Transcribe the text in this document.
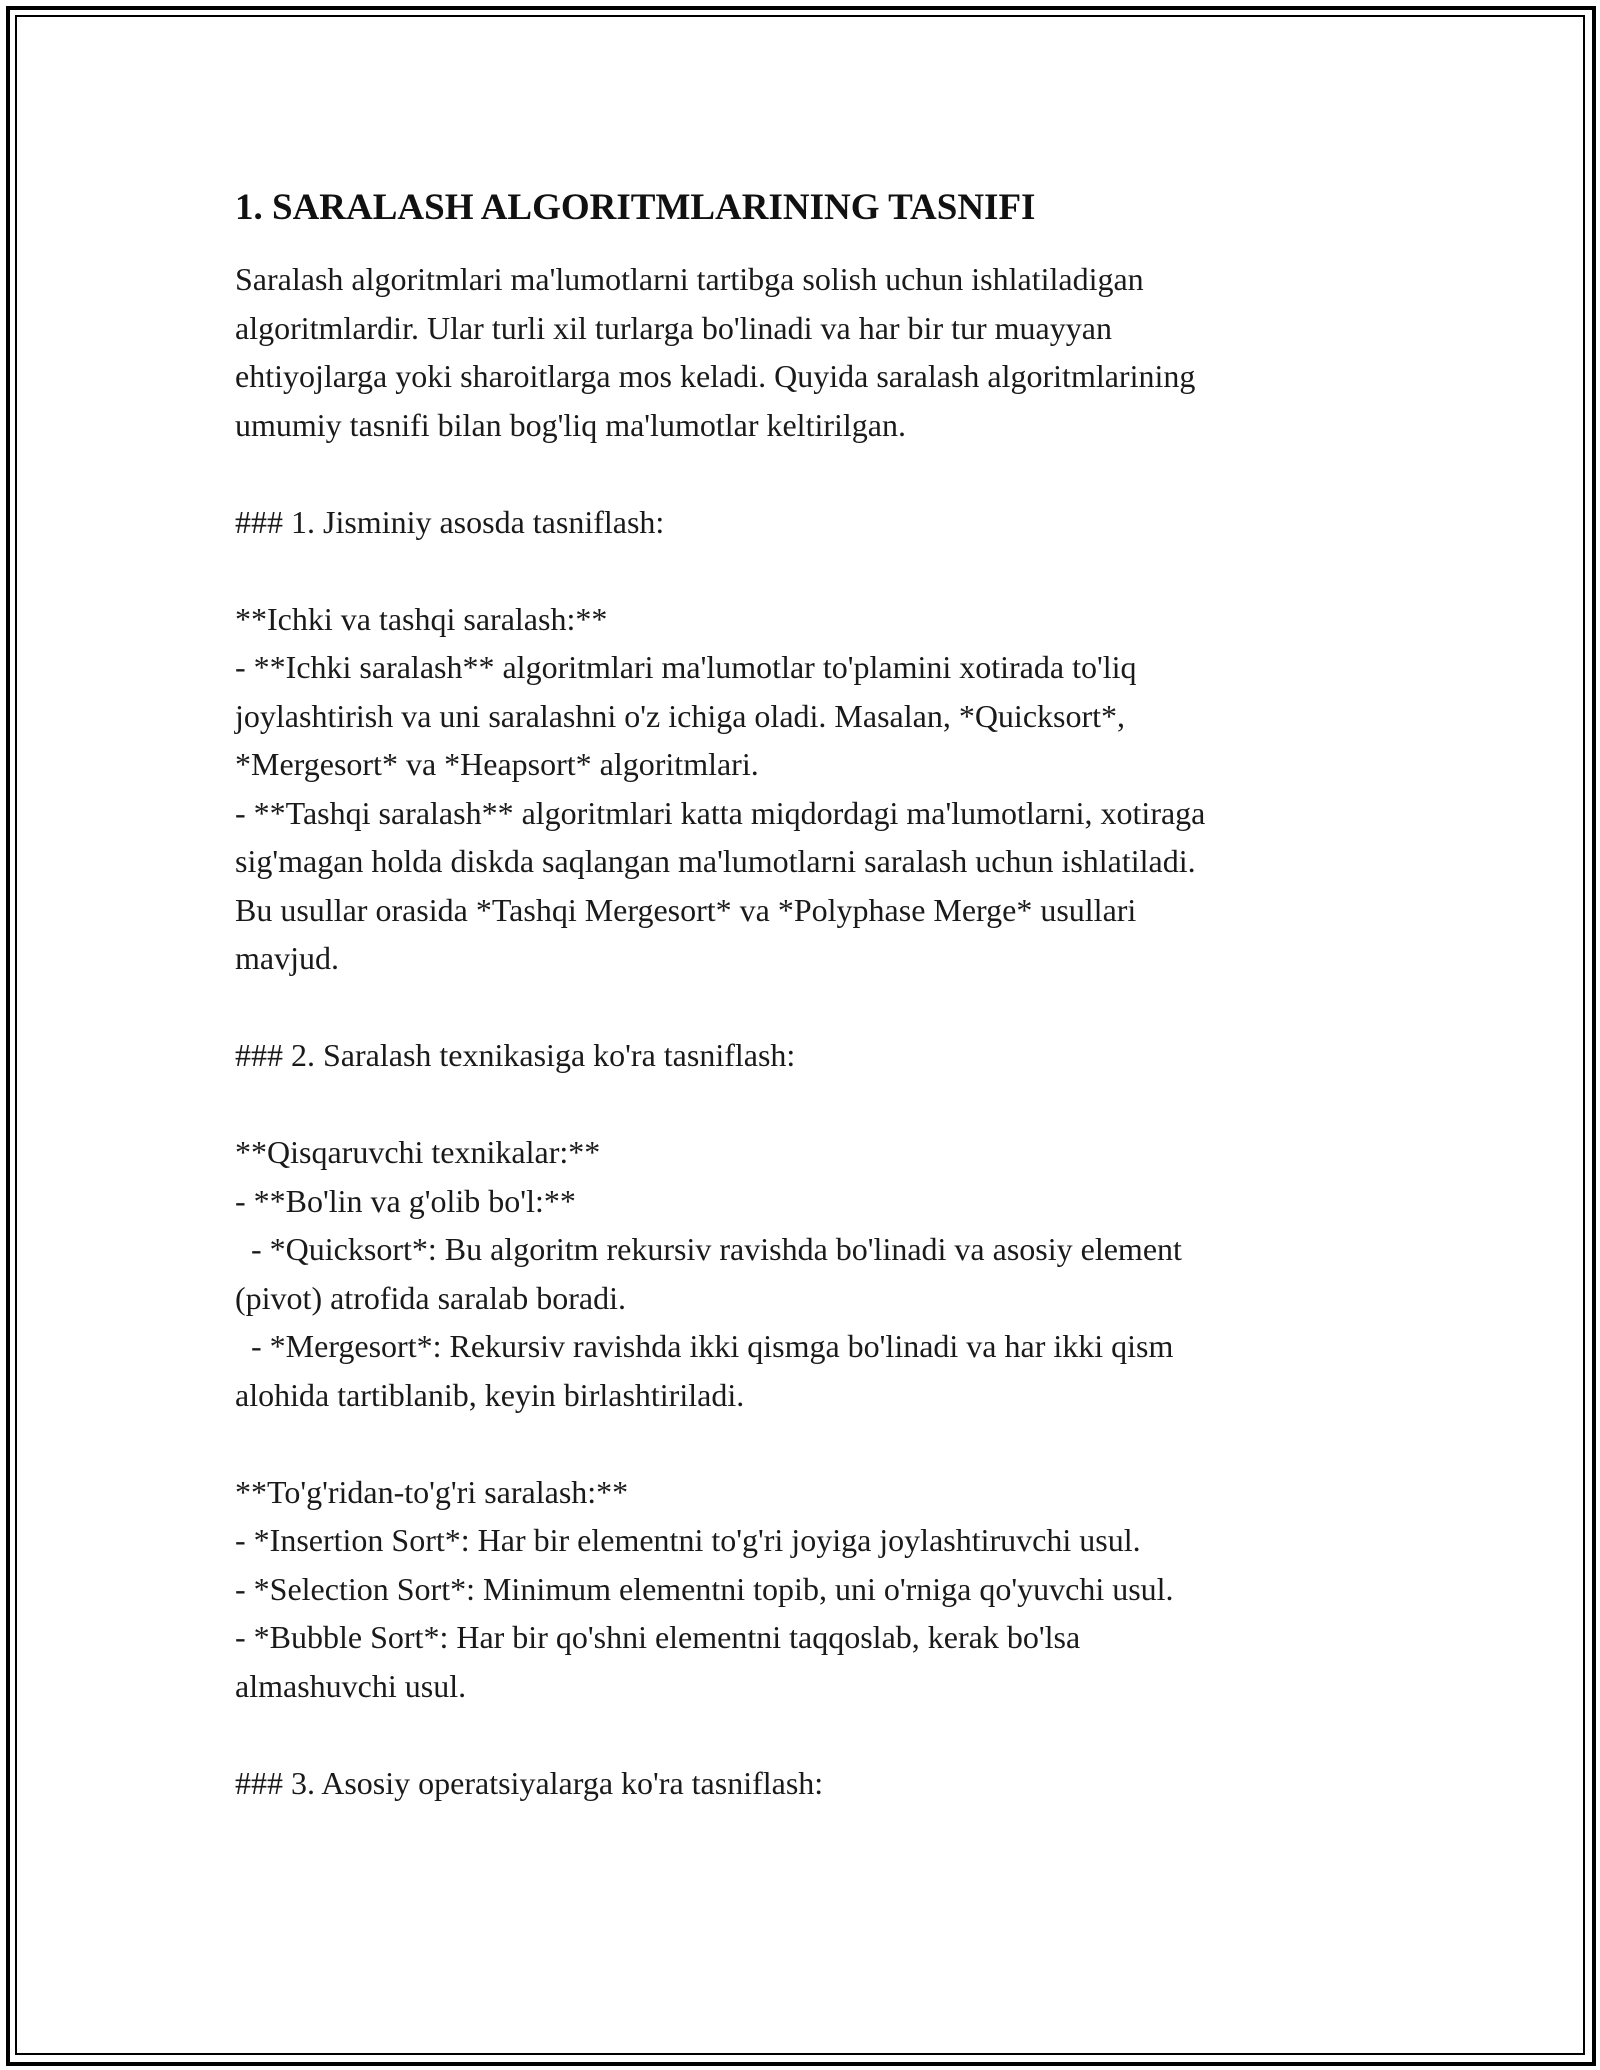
1. SARALASH ALGORITMLARINING TASNIFI
Saralash algoritmlari ma'lumotlarni tartibga solish uchun ishlatiladigan
algoritmlardir. Ular turli xil turlarga bo'linadi va har bir tur muayyan
ehtiyojlarga yoki sharoitlarga mos keladi. Quyida saralash algoritmlarining
umumiy tasnifi bilan bog'liq ma'lumotlar keltirilgan.
### 1. Jisminiy asosda tasniflash:
**Ichki va tashqi saralash:**
- **Ichki saralash** algoritmlari ma'lumotlar to'plamini xotirada to'liq
joylashtirish va uni saralashni o'z ichiga oladi. Masalan, *Quicksort*,
*Mergesort* va *Heapsort* algoritmlari.
- **Tashqi saralash** algoritmlari katta miqdordagi ma'lumotlarni, xotiraga
sig'magan holda diskda saqlangan ma'lumotlarni saralash uchun ishlatiladi.
Bu usullar orasida *Tashqi Mergesort* va *Polyphase Merge* usullari
mavjud.
### 2. Saralash texnikasiga ko'ra tasniflash:
**Qisqaruvchi texnikalar:**
- **Bo'lin va g'olib bo'l:**
- *Quicksort*: Bu algoritm rekursiv ravishda bo'linadi va asosiy element
(pivot) atrofida saralab boradi.
- *Mergesort*: Rekursiv ravishda ikki qismga bo'linadi va har ikki qism
alohida tartiblanib, keyin birlashtiriladi.
**To'g'ridan-to'g'ri saralash:**
- *Insertion Sort*: Har bir elementni to'g'ri joyiga joylashtiruvchi usul.
- *Selection Sort*: Minimum elementni topib, uni o'rniga qo'yuvchi usul.
- *Bubble Sort*: Har bir qo'shni elementni taqqoslab, kerak bo'lsa
almashuvchi usul.
### 3. Asosiy operatsiyalarga ko'ra tasniflash:
